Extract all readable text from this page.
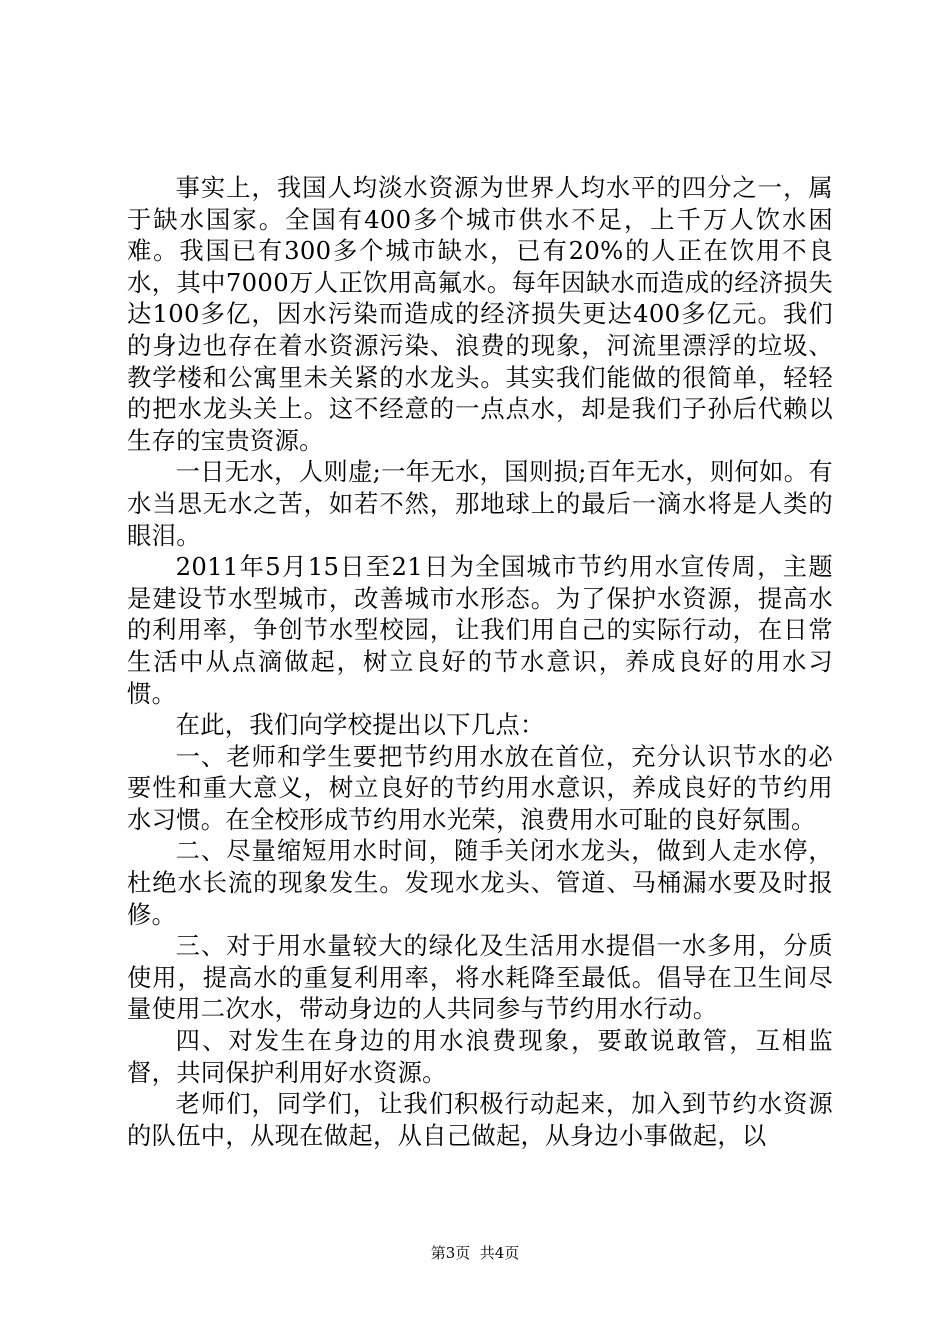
事实上，我国人均淡水资源为世界人均水平的四分之一，属于缺水国家。全国有400多个城市供水不足，上千万人饮水困难。我国已有300多个城市缺水，已有20%的人正在饮用不良水，其中7000万人正饮用高氟水。每年因缺水而造成的经济损失达100多亿，因水污染而造成的经济损失更达400多亿元。我们的身边也存在着水资源污染、浪费的现象，河流里漂浮的垃圾、教学楼和公寓里未关紧的水龙头。其实我们能做的很简单，轻轻的把水龙头关上。这不经意的一点点水，却是我们子孙后代赖以生存的宝贵资源。

一日无水，人则虚;一年无水，国则损;百年无水，则何如。有水当思无水之苦，如若不然，那地球上的最后一滴水将是人类的眼泪。

2011年5月15日至21日为全国城市节约用水宣传周，主题是建设节水型城市，改善城市水形态。为了保护水资源，提高水的利用率，争创节水型校园，让我们用自己的实际行动，在日常生活中从点滴做起，树立良好的节水意识，养成良好的用水习惯。

在此，我们向学校提出以下几点：

一、老师和学生要把节约用水放在首位，充分认识节水的必要性和重大意义，树立良好的节约用水意识，养成良好的节约用水习惯。在全校形成节约用水光荣，浪费用水可耻的良好氛围。

二、尽量缩短用水时间，随手关闭水龙头，做到人走水停，杜绝水长流的现象发生。发现水龙头、管道、马桶漏水要及时报修。

三、对于用水量较大的绿化及生活用水提倡一水多用，分质使用，提高水的重复利用率，将水耗降至最低。倡导在卫生间尽量使用二次水，带动身边的人共同参与节约用水行动。

四、对发生在身边的用水浪费现象，要敢说敢管，互相监督，共同保护利用好水资源。

老师们，同学们，让我们积极行动起来，加入到节约水资源的队伍中，从现在做起，从自己做起，从身边小事做起，以

第3页  共4页
